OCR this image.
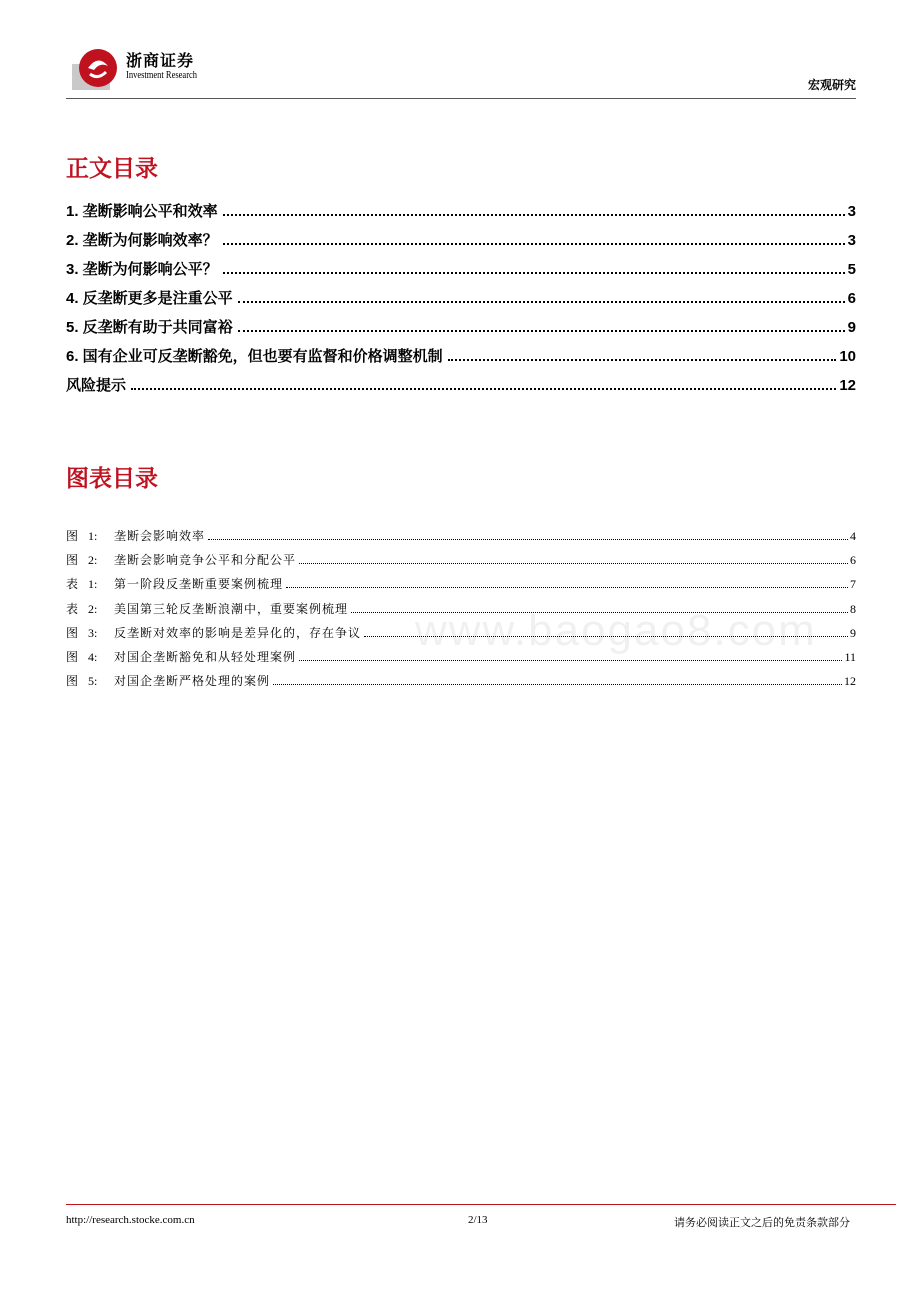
浙商证券
Investment Research
宏观研究
www.baogao8.com
正文目录
1. 垄断影响公平和效率	3
2. 垄断为何影响效率？	3
3. 垄断为何影响公平？	5
4. 反垄断更多是注重公平	6
5. 反垄断有助于共同富裕	9
6. 国有企业可反垄断豁免，但也要有监督和价格调整机制	10
风险提示	12
图表目录
图 1:	垄断会影响效率	4
图 2:	垄断会影响竞争公平和分配公平	6
表 1:	第一阶段反垄断重要案例梳理	7
表 2:	美国第三轮反垄断浪潮中，重要案例梳理	8
图 3:	反垄断对效率的影响是差异化的，存在争议	9
图 4:	对国企垄断豁免和从轻处理案例	11
图 5:	对国企垄断严格处理的案例	12
http://research.stocke.com.cn	2/13	请务必阅读正文之后的免责条款部分
